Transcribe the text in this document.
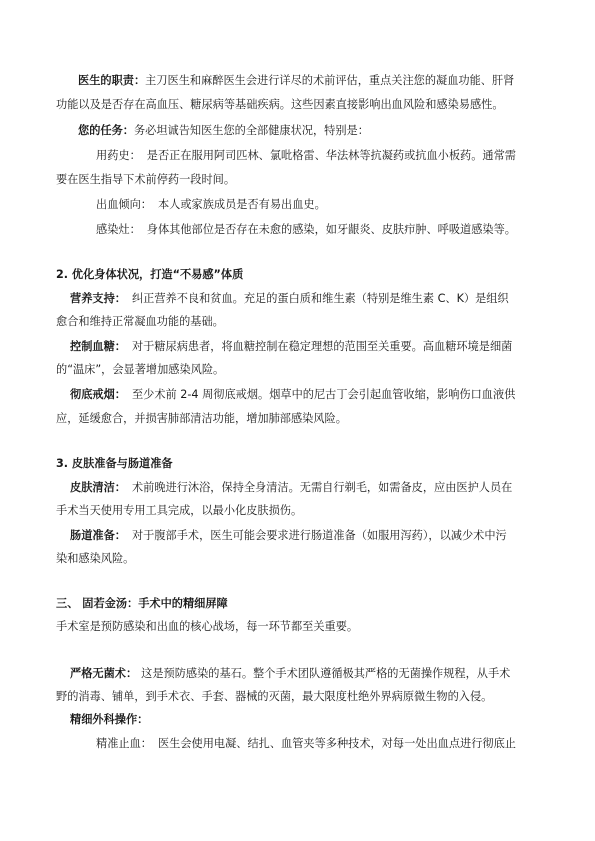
医生的职责：主刀医生和麻醉医生会进行详尽的术前评估，重点关注您的凝血功能、肝肾
功能以及是否存在高血压、糖尿病等基础疾病。这些因素直接影响出血风险和感染易感性。
您的任务：务必坦诚告知医生您的全部健康状况，特别是：
用药史： 是否正在服用阿司匹林、氯吡格雷、华法林等抗凝药或抗血小板药。通常需
要在医生指导下术前停药一段时间。
出血倾向： 本人或家族成员是否有易出血史。
感染灶： 身体其他部位是否存在未愈的感染，如牙龈炎、皮肤疖肿、呼吸道感染等。
2. 优化身体状况，打造“不易感”体质
营养支持： 纠正营养不良和贫血。充足的蛋白质和维生素（特别是维生素 C、K）是组织
愈合和维持正常凝血功能的基础。
控制血糖： 对于糖尿病患者，将血糖控制在稳定理想的范围至关重要。高血糖环境是细菌
的“温床”，会显著增加感染风险。
彻底戒烟： 至少术前 2-4 周彻底戒烟。烟草中的尼古丁会引起血管收缩，影响伤口血液供
应，延缓愈合，并损害肺部清洁功能，增加肺部感染风险。
3. 皮肤准备与肠道准备
皮肤清洁： 术前晚进行沐浴，保持全身清洁。无需自行剃毛，如需备皮，应由医护人员在
手术当天使用专用工具完成，以最小化皮肤损伤。
肠道准备： 对于腹部手术，医生可能会要求进行肠道准备（如服用泻药），以减少术中污
染和感染风险。
三、 固若金汤：手术中的精细屏障
手术室是预防感染和出血的核心战场，每一环节都至关重要。
严格无菌术： 这是预防感染的基石。整个手术团队遵循极其严格的无菌操作规程，从手术
野的消毒、铺单，到手术衣、手套、器械的灭菌，最大限度杜绝外界病原微生物的入侵。
精细外科操作：
精准止血： 医生会使用电凝、结扎、血管夹等多种技术，对每一处出血点进行彻底止
